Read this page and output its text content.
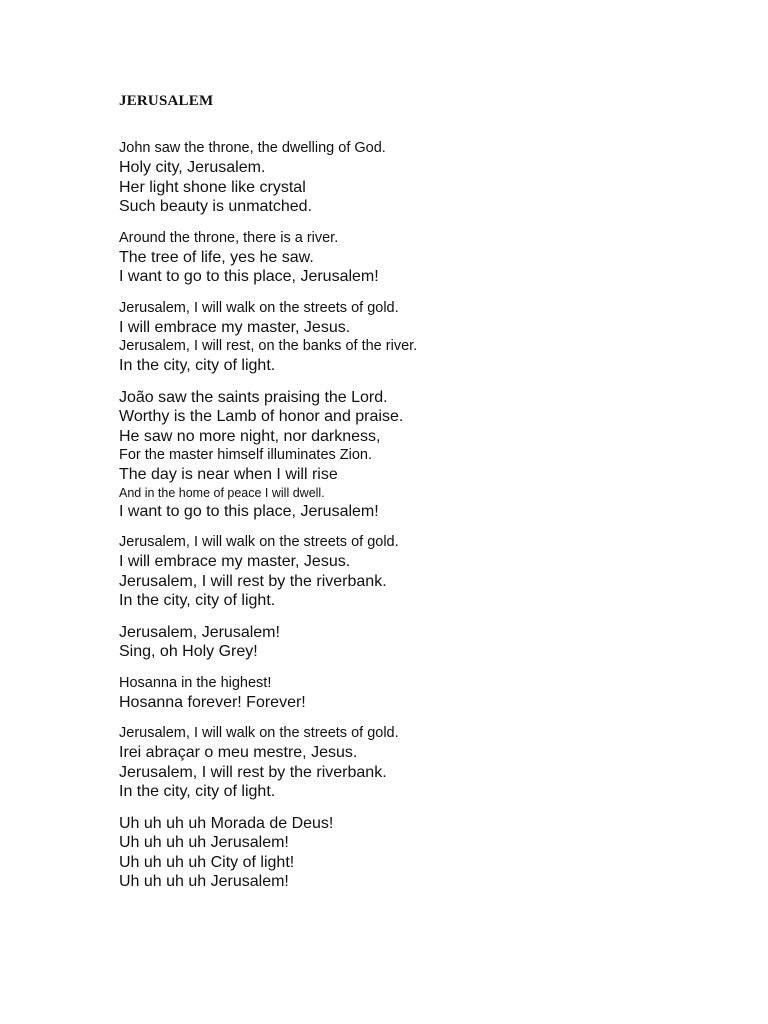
JERUSALEM
John saw the throne, the dwelling of God.
Holy city, Jerusalem.
Her light shone like crystal
Such beauty is unmatched.
Around the throne, there is a river.
The tree of life, yes he saw.
I want to go to this place, Jerusalem!
Jerusalem, I will walk on the streets of gold.
I will embrace my master, Jesus.
Jerusalem, I will rest, on the banks of the river.
In the city, city of light.
João saw the saints praising the Lord.
Worthy is the Lamb of honor and praise.
He saw no more night, nor darkness,
For the master himself illuminates Zion.
The day is near when I will rise
And in the home of peace I will dwell.
I want to go to this place, Jerusalem!
Jerusalem, I will walk on the streets of gold.
I will embrace my master, Jesus.
Jerusalem, I will rest by the riverbank.
In the city, city of light.
Jerusalem, Jerusalem!
Sing, oh Holy Grey!
Hosanna in the highest!
Hosanna forever! Forever!
Jerusalem, I will walk on the streets of gold.
Irei abraçar o meu mestre, Jesus.
Jerusalem, I will rest by the riverbank.
In the city, city of light.
Uh uh uh uh Morada de Deus!
Uh uh uh uh Jerusalem!
Uh uh uh uh City of light!
Uh uh uh uh Jerusalem!
